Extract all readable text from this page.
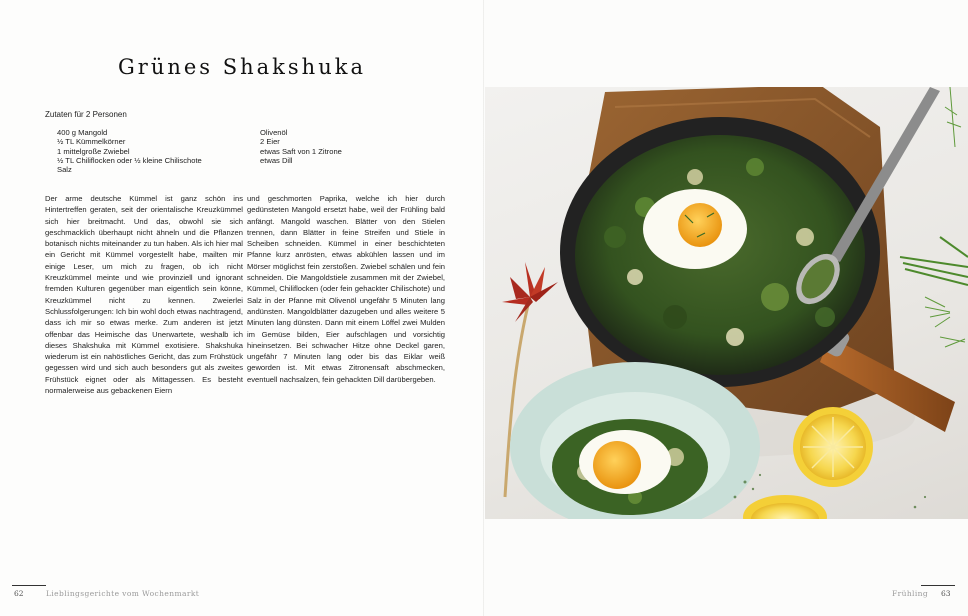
Grünes Shakshuka
Zutaten für 2 Personen
400 g Mangold
½ TL Kümmelkörner
1 mittelgroße Zwiebel
½ TL Chiliflocken oder ½ kleine Chilischote
Salz
Olivenöl
2 Eier
etwas Saft von 1 Zitrone
etwas Dill

Der arme deutsche Kümmel ist ganz schön ins Hintertreffen geraten, seit der orientalische Kreuzkümmel sich hier breitmacht. Und das, obwohl sie sich geschmacklich überhaupt nicht ähneln und die Pflanzen botanisch nichts miteinander zu tun haben. Als ich hier mal ein Gericht mit Kümmel vorgestellt habe, mailten mir einige Leser, um mich zu fragen, ob ich nicht Kreuzkümmel meinte und wie provinziell und ignorant fremden Kulturen gegenüber man eigentlich sein könne, Kreuzkümmel nicht zu kennen. Zweierlei Schlussfolgerungen: Ich bin wohl doch etwas nachtragend, dass ich mir so etwas merke. Zum anderen ist jetzt offenbar das Heimische das Unerwartete, weshalb ich dieses Shakshuka mit Kümmel exotisiere. Shakshuka wiederum ist ein nahöstliches Gericht, das zum Frühstück gegessen wird und sich auch besonders gut als zweites Frühstück eignet oder als Mittagessen. Es besteht normalerweise aus gebackenen Eiern

und geschmorten Paprika, welche ich hier durch gedünsteten Mangold ersetzt habe, weil der Frühling bald anfängt. Mangold waschen. Blätter von den Stielen trennen, dann Blätter in feine Streifen und Stiele in Scheiben schneiden. Kümmel in einer beschichteten Pfanne kurz anrösten, etwas abkühlen lassen und im Mörser möglichst fein zerstoßen. Zwiebel schälen und fein schneiden. Die Mangoldstiele zusammen mit der Zwiebel, Kümmel, Chiliflocken (oder fein gehackter Chilischote) und Salz in der Pfanne mit Olivenöl ungefähr 5 Minuten lang andünsten. Mangoldblätter dazugeben und alles weitere 5 Minuten lang dünsten. Dann mit einem Löffel zwei Mulden im Gemüse bilden, Eier aufschlagen und vorsichtig hineinsetzen. Bei schwacher Hitze ohne Deckel garen, ungefähr 7 Minuten lang oder bis das Eiklar weiß geworden ist. Mit etwas Zitronensaft abschmecken, eventuell nachsalzen, fein gehackten Dill darübergeben.

62	Lieblingsgerichte vom Wochenmarkt	Frühling 63
